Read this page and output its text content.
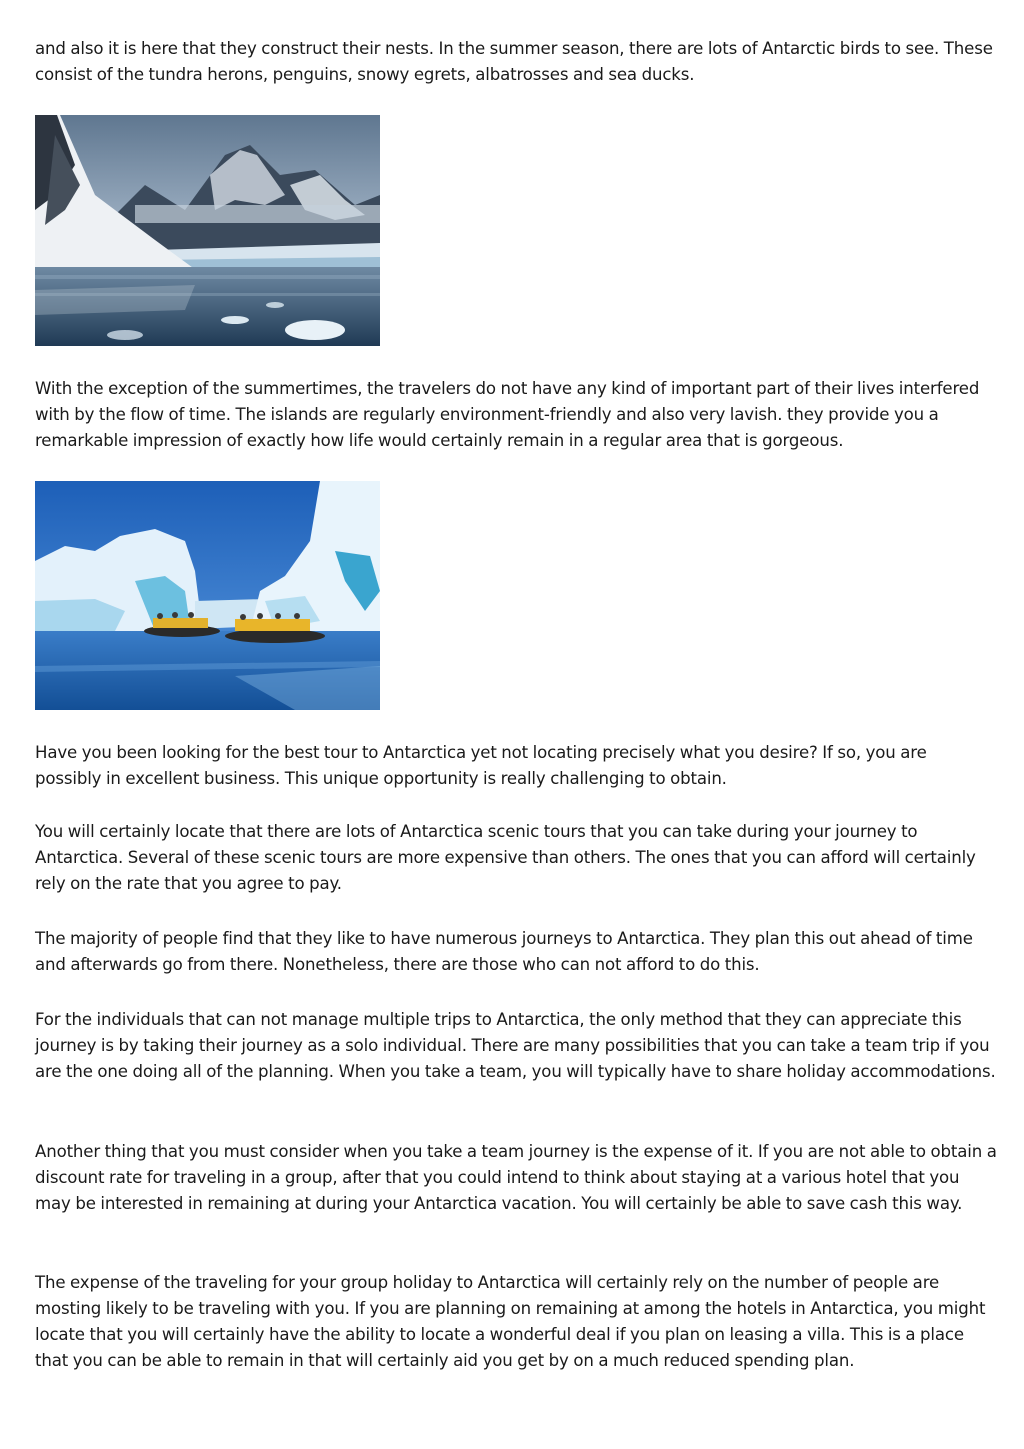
and also it is here that they construct their nests. In the summer season, there are lots of Antarctic birds to see. These consist of the tundra herons, penguins, snowy egrets, albatrosses and sea ducks.

With the exception of the summertimes, the travelers do not have any kind of important part of their lives interfered with by the flow of time. The islands are regularly environment-friendly and also very lavish. they provide you a remarkable impression of exactly how life would certainly remain in a regular area that is gorgeous.

Have you been looking for the best tour to Antarctica yet not locating precisely what you desire? If so, you are possibly in excellent business. This unique opportunity is really challenging to obtain.

You will certainly locate that there are lots of Antarctica scenic tours that you can take during your journey to Antarctica. Several of these scenic tours are more expensive than others. The ones that you can afford will certainly rely on the rate that you agree to pay.

The majority of people find that they like to have numerous journeys to Antarctica. They plan this out ahead of time and afterwards go from there. Nonetheless, there are those who can not afford to do this.

For the individuals that can not manage multiple trips to Antarctica, the only method that they can appreciate this journey is by taking their journey as a solo individual. There are many possibilities that you can take a team trip if you are the one doing all of the planning. When you take a team, you will typically have to share holiday accommodations.

Another thing that you must consider when you take a team journey is the expense of it. If you are not able to obtain a discount rate for traveling in a group, after that you could intend to think about staying at a various hotel that you may be interested in remaining at during your Antarctica vacation. You will certainly be able to save cash this way.

The expense of the traveling for your group holiday to Antarctica will certainly rely on the number of people are mosting likely to be traveling with you. If you are planning on remaining at among the hotels in Antarctica, you might locate that you will certainly have the ability to locate a wonderful deal if you plan on leasing a villa. This is a place that you can be able to remain in that will certainly aid you get by on a much reduced spending plan.
